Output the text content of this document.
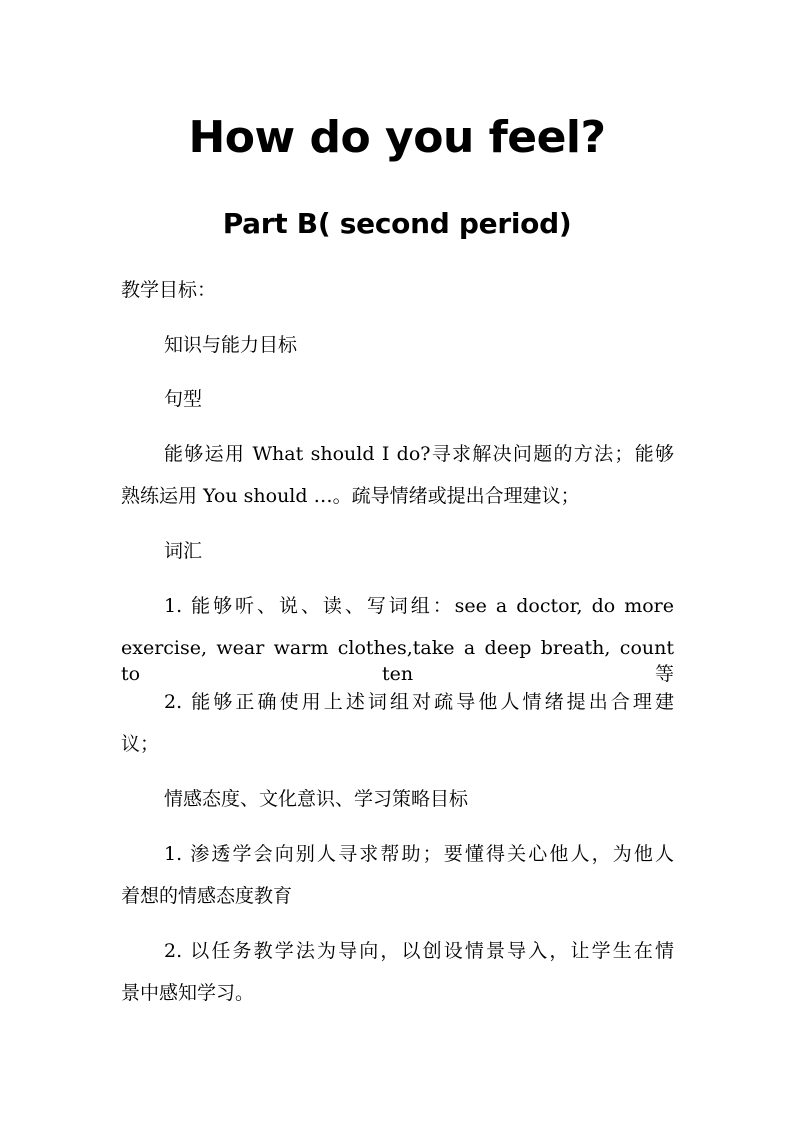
How do you feel?
Part B( second period)

教学目标：

知识与能力目标

句型

能够运用 What should I do?寻求解决问题的方法；能够

熟练运用 You should …。疏导情绪或提出合理建议；

词汇

1. 能够听、说、读、写词组：see a doctor, do more

exercise, wear warm clothes,take a deep breath, count to ten 等

2. 能够正确使用上述词组对疏导他人情绪提出合理建

议；

情感态度、文化意识、学习策略目标

1. 渗透学会向别人寻求帮助；要懂得关心他人，为他人

着想的情感态度教育

2. 以任务教学法为导向，以创设情景导入，让学生在情

景中感知学习。
